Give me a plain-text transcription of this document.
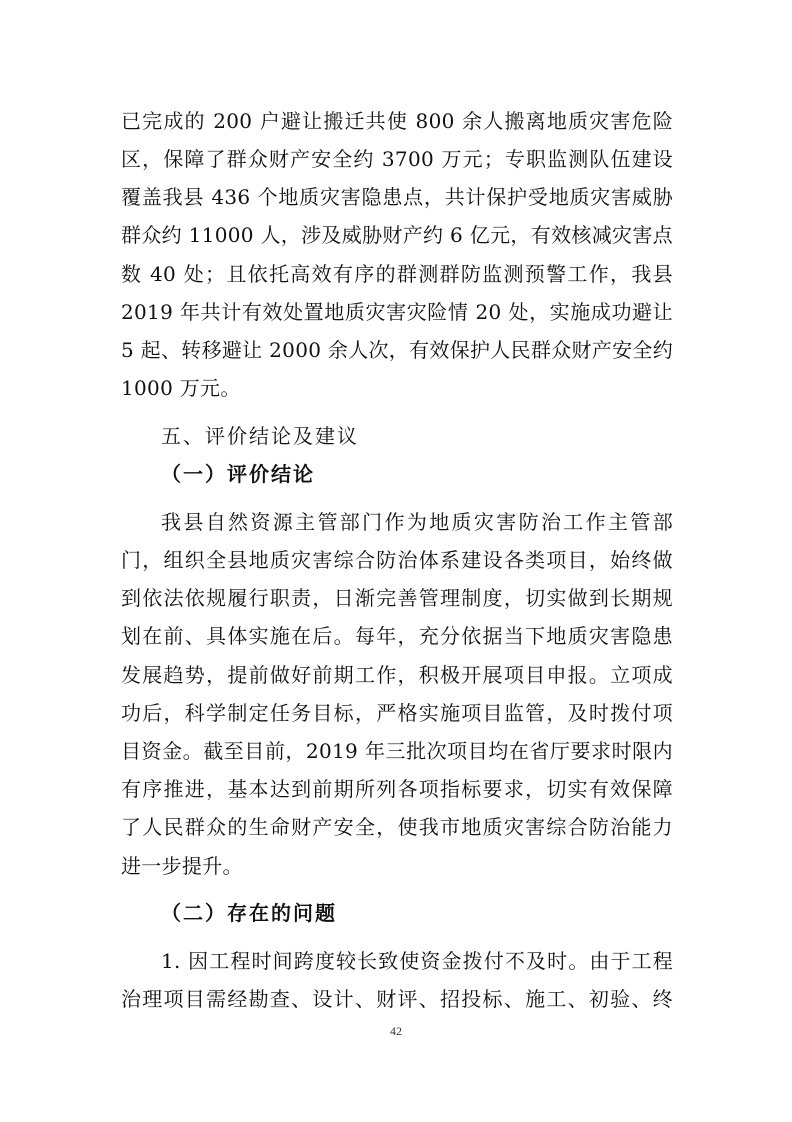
已完成的 200 户避让搬迁共使 800 余人搬离地质灾害危险
区，保障了群众财产安全约 3700 万元；专职监测队伍建设
覆盖我县 436 个地质灾害隐患点，共计保护受地质灾害威胁
群众约 11000 人，涉及威胁财产约 6 亿元，有效核减灾害点
数 40 处；且依托高效有序的群测群防监测预警工作，我县
2019 年共计有效处置地质灾害灾险情 20 处，实施成功避让
5 起、转移避让 2000 余人次，有效保护人民群众财产安全约
1000 万元。
五、评价结论及建议
（一）评价结论
我县自然资源主管部门作为地质灾害防治工作主管部
门，组织全县地质灾害综合防治体系建设各类项目，始终做
到依法依规履行职责，日渐完善管理制度，切实做到长期规
划在前、具体实施在后。每年，充分依据当下地质灾害隐患
发展趋势，提前做好前期工作，积极开展项目申报。立项成
功后，科学制定任务目标，严格实施项目监管，及时拨付项
目资金。截至目前，2019 年三批次项目均在省厅要求时限内
有序推进，基本达到前期所列各项指标要求，切实有效保障
了人民群众的生命财产安全，使我市地质灾害综合防治能力
进一步提升。
（二）存在的问题
1. 因工程时间跨度较长致使资金拨付不及时。由于工程
治理项目需经勘查、设计、财评、招投标、施工、初验、终
42
